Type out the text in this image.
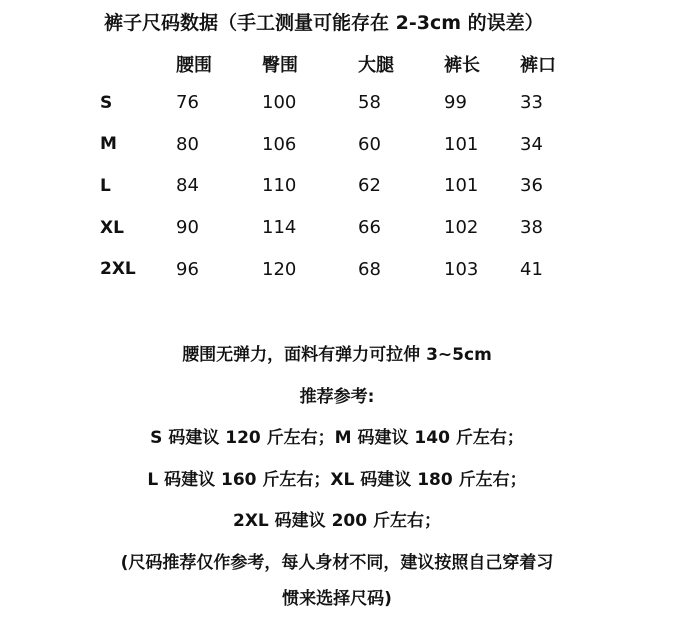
裤子尺码数据（手工测量可能存在 2-3cm 的误差）
	腰围	臀围	大腿	裤长	裤口
S	76	100	58	99	33
M	80	106	60	101	34
L	84	110	62	101	36
XL	90	114	66	102	38
2XL	96	120	68	103	41
腰围无弹力，面料有弹力可拉伸 3~5cm
推荐参考:
S 码建议 120 斤左右；M 码建议 140 斤左右；
L 码建议 160 斤左右；XL 码建议 180 斤左右；
2XL 码建议 200 斤左右；
(尺码推荐仅作参考，每人身材不同，建议按照自己穿着习
惯来选择尺码)
